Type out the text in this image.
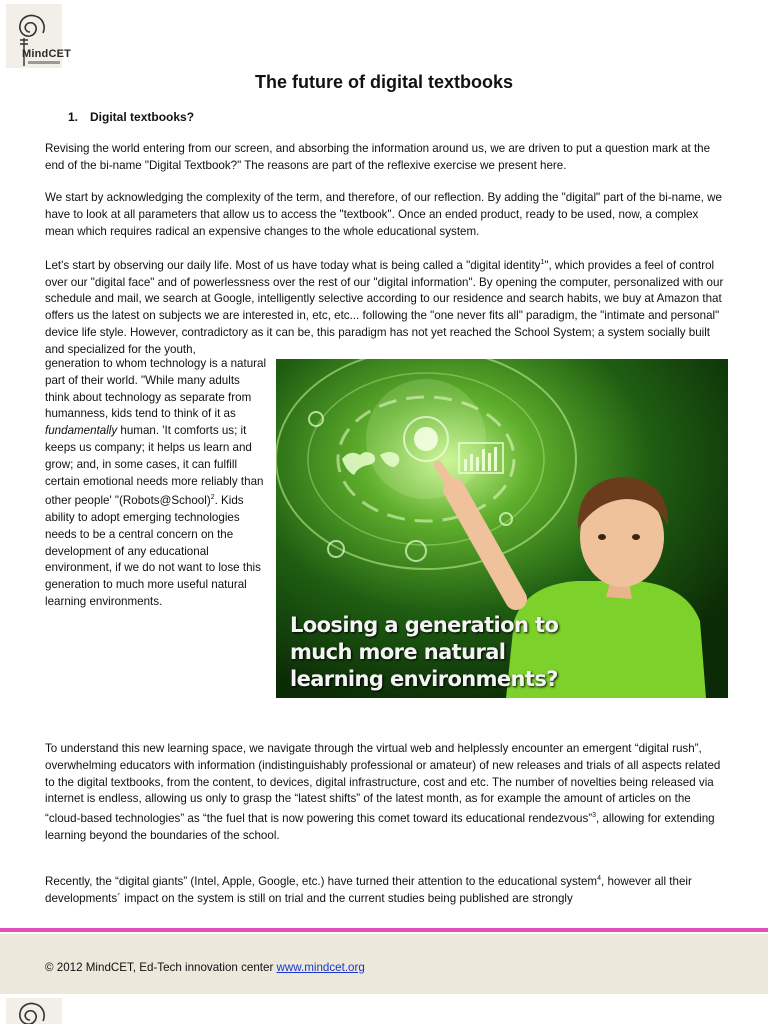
MindCET
The future of digital textbooks
1. Digital textbooks?

Revising the world entering from our screen, and absorbing the information around us, we are driven to put a question mark at the end of the bi-name "Digital Textbook?" The reasons are part of the reflexive exercise we present here.

We start by acknowledging the complexity of the term, and therefore, of our reflection. By adding the "digital" part of the bi-name, we have to look at all parameters that allow us to access the "textbook". Once an ended product, ready to be used, now, a complex mean which requires radical an expensive changes to the whole educational system.

Let's start by observing our daily life. Most of us have today what is being called a "digital identity$^1$", which provides a feel of control over our "digital face" and of powerlessness over the rest of our "digital information". By opening the computer, personalized with our schedule and mail, we search at Google, intelligently selective according to our residence and search habits, we buy at Amazon that offers us the latest on subjects we are interested in, etc, etc... following the "one never fits all" paradigm, the "intimate and personal" device life style. However, contradictory as it can be, this paradigm has not yet reached the School System; a system socially built and specialized for the youth,

generation to whom technology is a natural part of their world. "While many adults think about technology as separate from humanness, kids tend to think of it as fundamentally human. 'It comforts us; it keeps us company; it helps us learn and grow; and, in some cases, it can fulfill certain emotional needs more reliably than other people' "(Robots@School)$^2$. Kids ability to adopt emerging technologies needs to be a central concern on the development of any educational environment, if we do not want to lose this generation to much more useful natural learning environments.

Loosing a generation to
much more natural
learning environments?

To understand this new learning space, we navigate through the virtual web and helplessly encounter an emergent “digital rush”, overwhelming educators with information (indistinguishably professional or amateur) of new releases and trials of all aspects related to the digital textbooks, from the content, to devices, digital infrastructure, cost and etc. The number of novelties being released via internet is endless, allowing us only to grasp the “latest shifts” of the latest month, as for example the amount of articles on the “cloud-based technologies” as “the fuel that is now powering this comet toward its educational rendezvous”$^3$, allowing for extending learning beyond the boundaries of the school.

Recently, the “digital giants” (Intel, Apple, Google, etc.) have turned their attention to the educational system$^4$, however all their developments´ impact on the system is still on trial and the current studies being published are strongly

© 2012 MindCET, Ed-Tech innovation center www.mindcet.org
